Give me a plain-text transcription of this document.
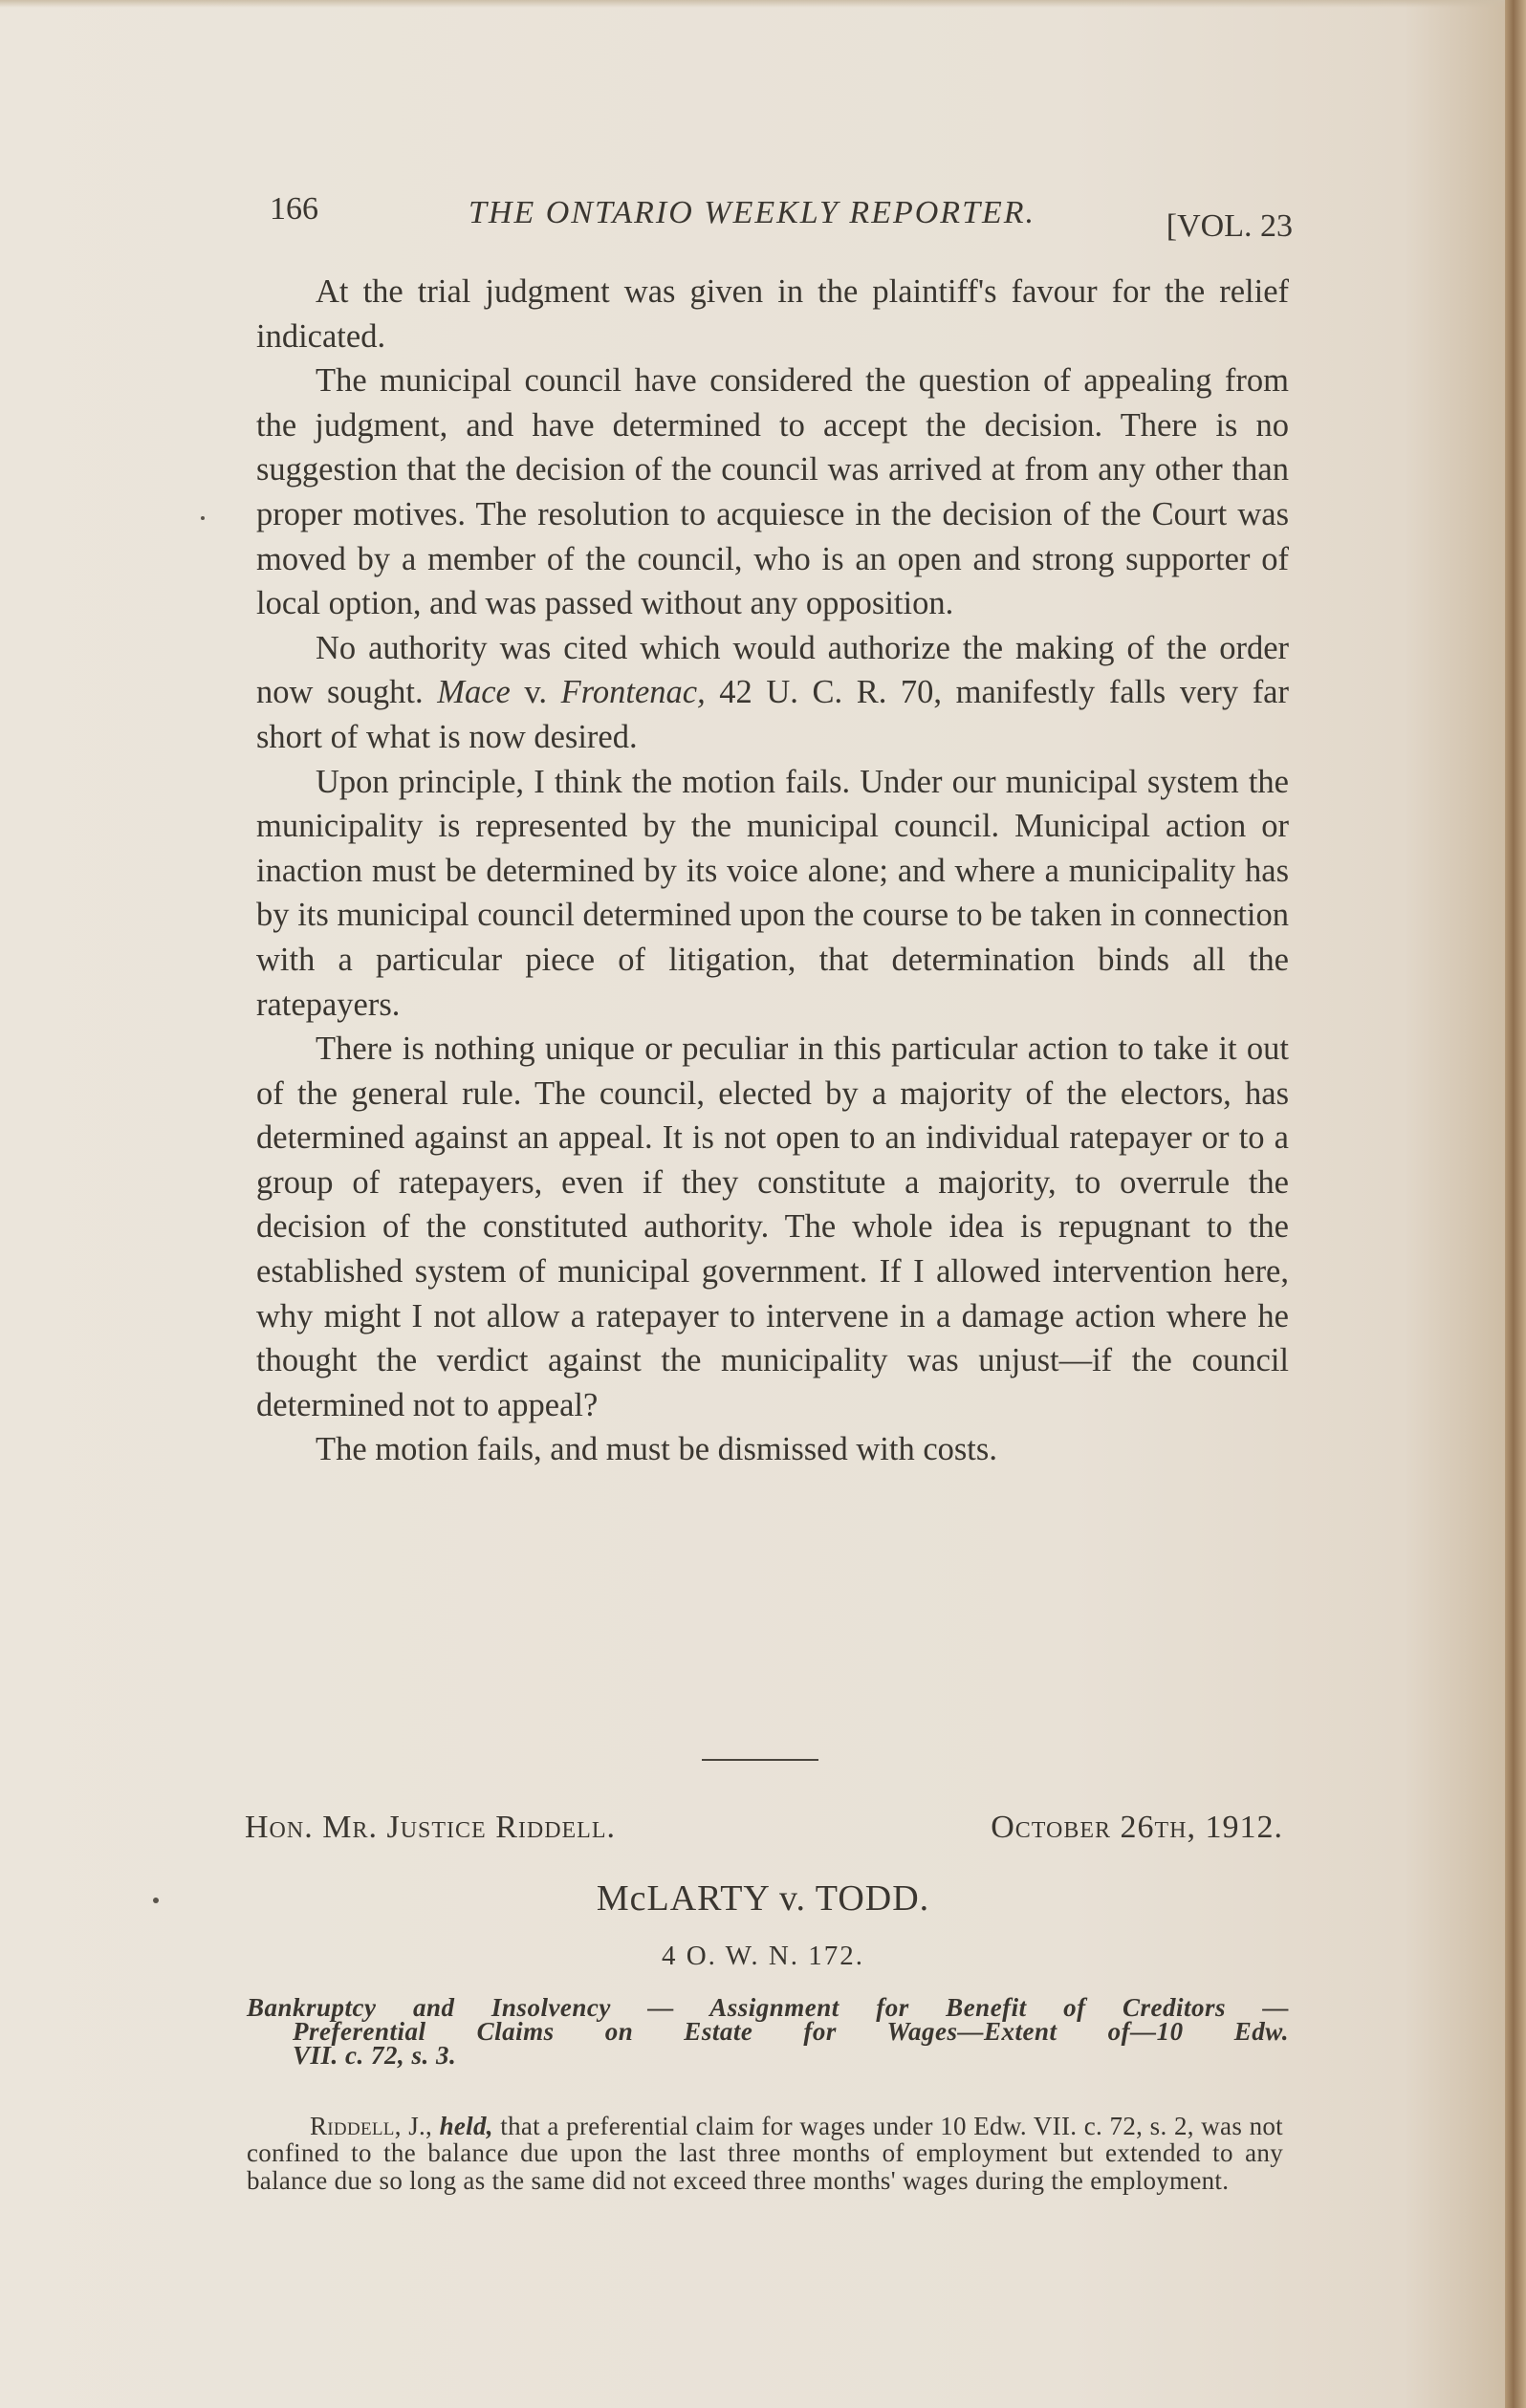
166	THE ONTARIO WEEKLY REPORTER.	[VOL. 23

At the trial judgment was given in the plaintiff's favour for the relief indicated.

The municipal council have considered the question of appealing from the judgment, and have determined to accept the decision. There is no suggestion that the decision of the council was arrived at from any other than proper motives. The resolution to acquiesce in the decision of the Court was moved by a member of the council, who is an open and strong supporter of local option, and was passed without any opposition.

No authority was cited which would authorize the making of the order now sought. Mace v. Frontenac, 42 U. C. R. 70, manifestly falls very far short of what is now desired.

Upon principle, I think the motion fails. Under our municipal system the municipality is represented by the municipal council. Municipal action or inaction must be determined by its voice alone; and where a municipality has by its municipal council determined upon the course to be taken in connection with a particular piece of litigation, that determination binds all the ratepayers.

There is nothing unique or peculiar in this particular action to take it out of the general rule. The council, elected by a majority of the electors, has determined against an appeal. It is not open to an individual ratepayer or to a group of ratepayers, even if they constitute a majority, to overrule the decision of the constituted authority. The whole idea is repugnant to the established system of municipal government. If I allowed intervention here, why might I not allow a ratepayer to intervene in a damage action where he thought the verdict against the municipality was unjust—if the council determined not to appeal?

The motion fails, and must be dismissed with costs.

Hon. Mr. Justice Riddell.	October 26th, 1912.
McLARTY v. TODD.
4 O. W. N. 172.
Bankruptcy and Insolvency — Assignment for Benefit of Creditors —
Preferential Claims on Estate for Wages—Extent of—10 Edw.
VII. c. 72, s. 3.

Riddell, J., held, that a preferential claim for wages under 10 Edw. VII. c. 72, s. 2, was not confined to the balance due upon the last three months of employment but extended to any balance due so long as the same did not exceed three months' wages during the employment.
